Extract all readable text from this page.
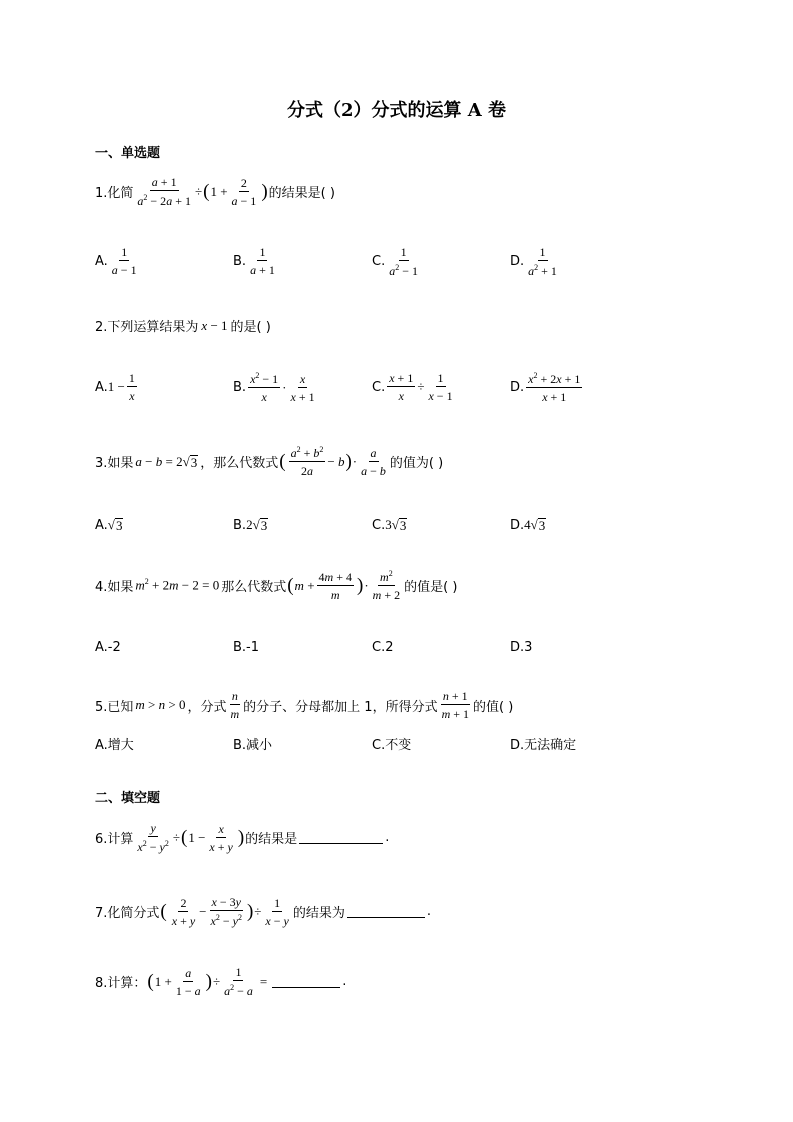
分式（2）分式的运算 A 卷
一、单选题
1.化简 $\frac{a + 1}{a^2 - 2a + 1}$ ÷ ( $1 + \frac{2}{a - 1}$ ) 的结果是( )
A. $\frac{1}{a - 1}$	B. $\frac{1}{a + 1}$	C. $\frac{1}{a^2 - 1}$	D. $\frac{1}{a^2 + 1}$
2.下列运算结果为 x − 1 的是( )
A. $1 - \frac{1}{x}$	B. $\frac{x^2 - 1}{x} \cdot \frac{x}{x + 1}$	C. $\frac{x + 1}{x} \div \frac{1}{x - 1}$	D. $\frac{x^2 + 2x + 1}{x + 1}$
3.如果 a − b = 2 √ 3 ，那么代数式 ( $\frac{a^2 + b^2}{2a} - b$ ) · $\frac{a}{a - b}$ 的值为( )
A. √ 3	B. 2 √ 3	C. 3 √ 3	D. 4 √ 3
4.如果 $m^2 + 2m - 2 = 0$ 那么代数式 ( $m + \frac{4m + 4}{m}$ ) · $\frac{m^2}{m + 2}$ 的值是( )
A.-2	B.-1	C.2	D.3
5.已知 m > n > 0 ，分式 $\frac{n}{m}$ 的分子、分母都加上 1，所得分式 $\frac{n + 1}{m + 1}$ 的值( )
A.增大	B.减小	C.不变	D.无法确定
二、填空题
6.计算 $\frac{y}{x^2 - y^2}$ ÷ ( $1 - \frac{x}{x + y}$ ) 的结果是	.
7.化简分式 ( $\frac{2}{x + y} - \frac{x - 3y}{x^2 - y^2}$ ) ÷ $\frac{1}{x - y}$ 的结果为	.
8.计算： ( $1 + \frac{a}{1 - a}$ ) ÷ $\frac{1}{a^2 - a}$ =	.
